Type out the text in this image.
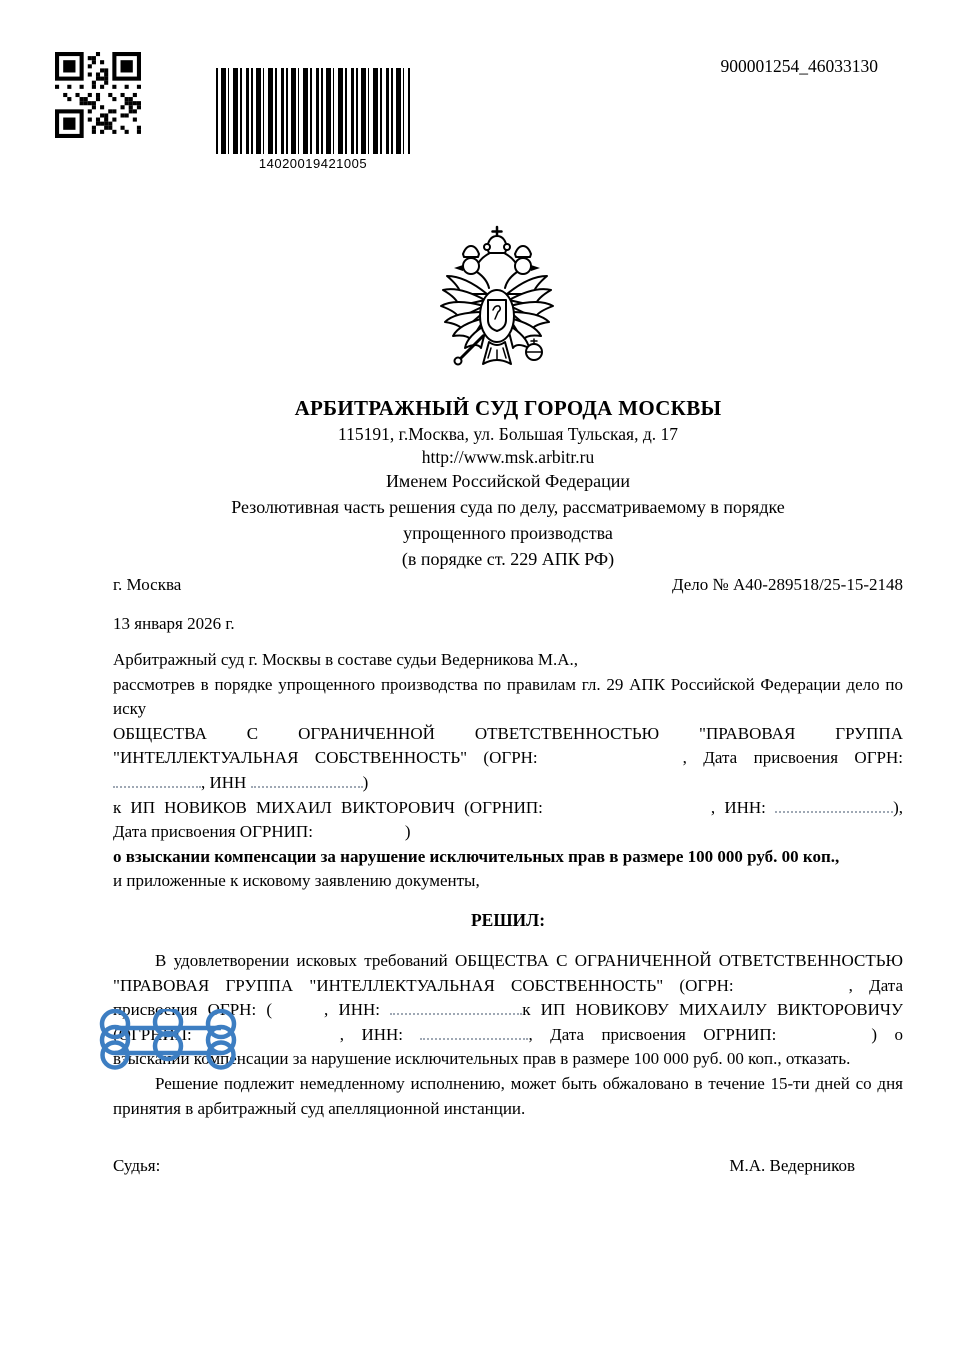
14020019421005
900001254_46033130
АРБИТРАЖНЫЙ СУД ГОРОДА МОСКВЫ
115191, г.Москва, ул. Большая Тульская, д. 17
http://www.msk.arbitr.ru
Именем Российской Федерации
Резолютивная часть решения суда по делу, рассматриваемому в порядке
упрощенного производства
(в порядке ст. 229 АПК РФ)
г. Москва	Дело № А40-289518/25-15-2148
13 января 2026 г.

Арбитражный суд г. Москвы в составе судьи Ведерникова М.А.,

рассмотрев в порядке упрощенного производства по правилам гл. 29 АПК Российской Федерации дело по иску

ОБЩЕСТВА С ОГРАНИЧЕННОЙ ОТВЕТСТВЕННОСТЬЮ "ПРАВОВАЯ ГРУППА "ИНТЕЛЛЕКТУАЛЬНАЯ СОБСТВЕННОСТЬ" (ОГРН:	, Дата присвоения ОГРН: , ИНН	)

к ИП НОВИКОВ МИХАИЛ ВИКТОРОВИЧ (ОГРНИП:	, ИНН:	), Дата присвоения ОГРНИП:	)

о взыскании компенсации за нарушение исключительных прав в размере 100 000 руб. 00 коп.,

и приложенные к исковому заявлению документы,

РЕШИЛ:

В удовлетворении исковых требований ОБЩЕСТВА С ОГРАНИЧЕННОЙ ОТВЕТСТВЕННОСТЬЮ "ПРАВОВАЯ ГРУППА "ИНТЕЛЛЕКТУАЛЬНАЯ СОБСТВЕННОСТЬ" (ОГРН:	, Дата присвоения ОГРН: (	, ИНН:	к ИП НОВИКОВУ МИХАИЛУ ВИКТОРОВИЧУ (ОГРНИП:	, ИНН:	, Дата присвоения ОГРНИП:	) о взыскании компенсации за нарушение исключительных прав в размере 100 000 руб. 00 коп., отказать.

Решение подлежит немедленному исполнению, может быть обжаловано в течение 15-ти дней со дня принятия в арбитражный суд апелляционной инстанции.

Судья:	М.А. Ведерников
